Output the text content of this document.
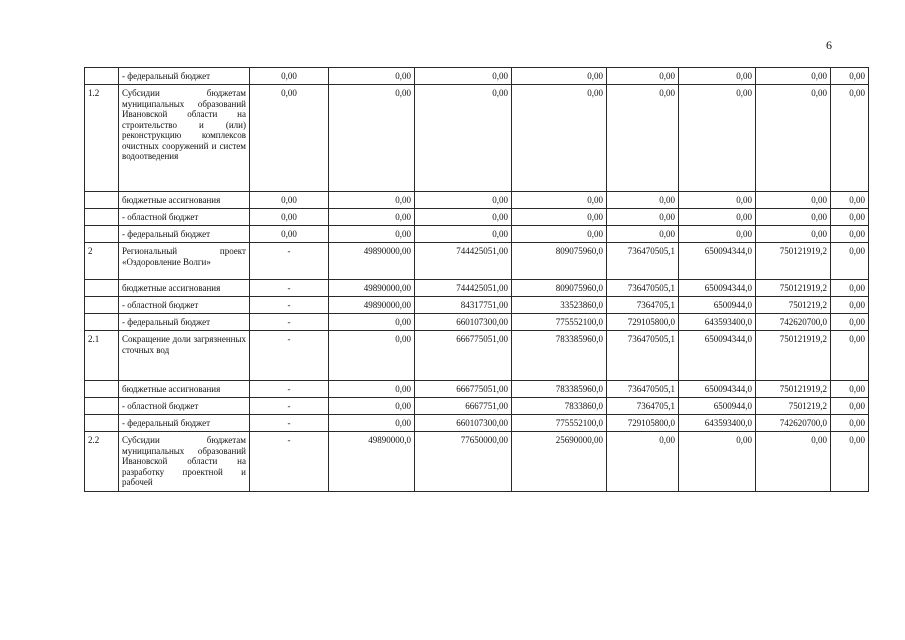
6
	- федеральный бюджет	0,00	0,00	0,00	0,00	0,00	0,00	0,00	0,00
1.2	Субсидии бюджетам муниципальных образований Ивановской области на строительство и (или) реконструкцию комплексов очистных сооружений и систем водоотведения	0,00	0,00	0,00	0,00	0,00	0,00	0,00	0,00
	бюджетные ассигнования	0,00	0,00	0,00	0,00	0,00	0,00	0,00	0,00
	- областной бюджет	0,00	0,00	0,00	0,00	0,00	0,00	0,00	0,00
	- федеральный бюджет	0,00	0,00	0,00	0,00	0,00	0,00	0,00	0,00
2	Региональный проект «Оздоровление Волги»	-	49890000,00	744425051,00	809075960,0	736470505,1	650094344,0	750121919,2	0,00
	бюджетные ассигнования	-	49890000,00	744425051,00	809075960,0	736470505,1	650094344,0	750121919,2	0,00
	- областной бюджет	-	49890000,00	84317751,00	33523860,0	7364705,1	6500944,0	7501219,2	0,00
	- федеральный бюджет	-	0,00	660107300,00	775552100,0	729105800,0	643593400,0	742620700,0	0,00
2.1	Сокращение доли загрязненных сточных вод	-	0,00	666775051,00	783385960,0	736470505,1	650094344,0	750121919,2	0,00
	бюджетные ассигнования	-	0,00	666775051,00	783385960,0	736470505,1	650094344,0	750121919,2	0,00
	- областной бюджет	-	0,00	6667751,00	7833860,0	7364705,1	6500944,0	7501219,2	0,00
	- федеральный бюджет	-	0,00	660107300,00	775552100,0	729105800,0	643593400,0	742620700,0	0,00
2.2	Субсидии бюджетам муниципальных образований Ивановской области на разработку проектной и рабочей	-	49890000,0	77650000,00	25690000,00	0,00	0,00	0,00	0,00
